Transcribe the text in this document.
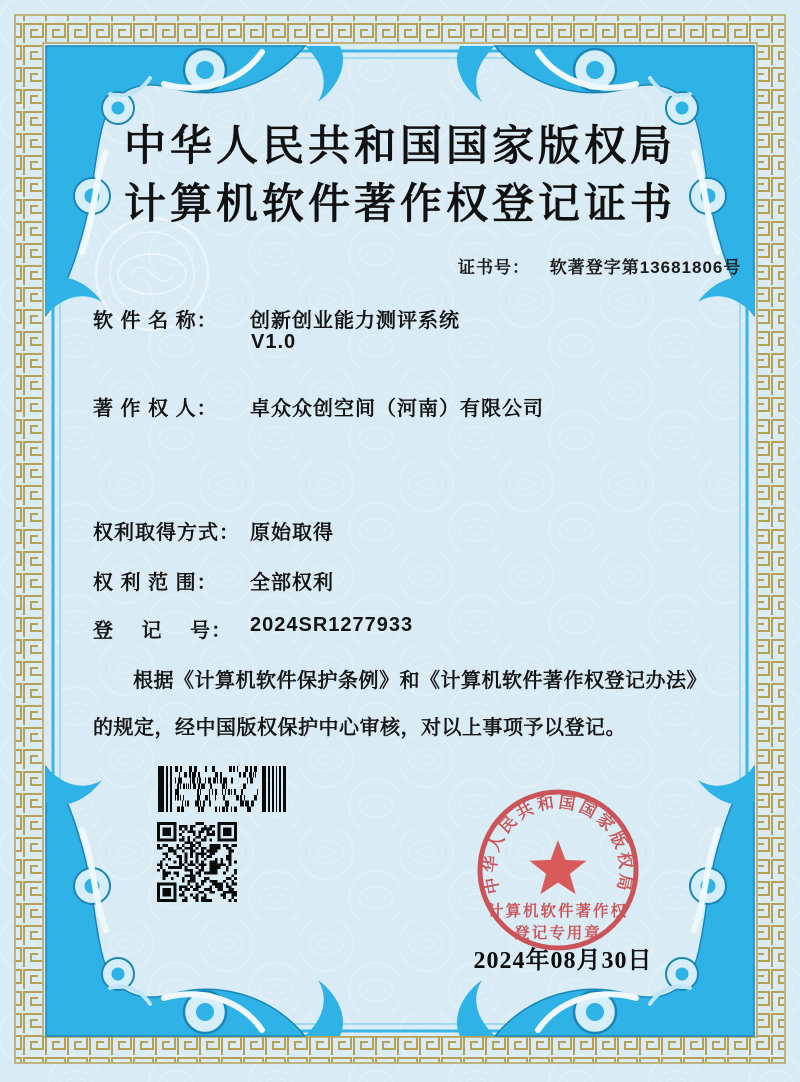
中华人民共和国国家版权局
计算机软件著作权登记证书
证书号： 软著登字第13681806号
软 件 名 称： 创新创业能力测评系统
V1.0
著 作 权 人： 卓众众创空间（河南）有限公司
权利取得方式： 原始取得
权 利 范 围： 全部权利
登　 记　 号： 2024SR1277933
根据《计算机软件保护条例》和《计算机软件著作权登记办法》的规定，经中国版权保护中心审核，对以上事项予以登记。
中华人民共和国国家版权局
计算机软件著作权
登记专用章
2024年08月30日
